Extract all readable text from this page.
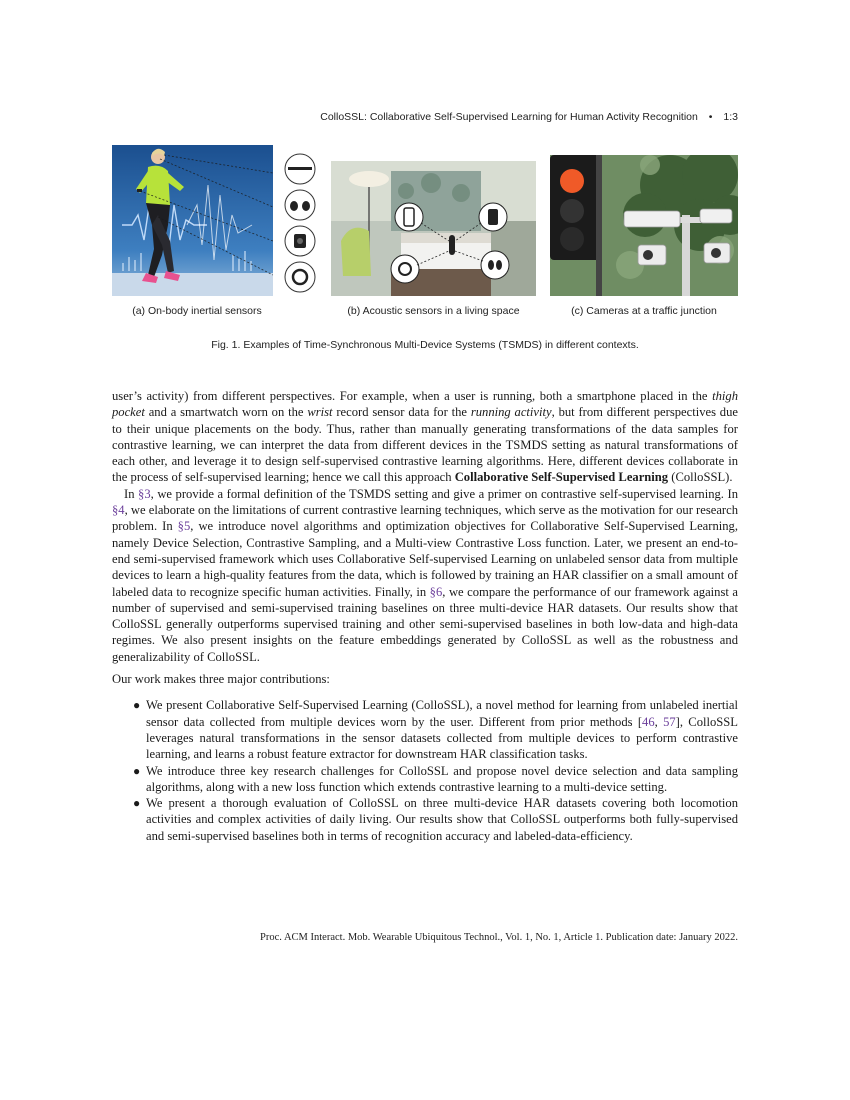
ColloSSL: Collaborative Self-Supervised Learning for Human Activity Recognition • 1:3
(a) On-body inertial sensors	(b) Acoustic sensors in a living space	(c) Cameras at a traffic junction
Fig. 1. Examples of Time-Synchronous Multi-Device Systems (TSMDS) in different contexts.

user’s activity) from different perspectives. For example, when a user is running, both a smartphone placed in the thigh pocket and a smartwatch worn on the wrist record sensor data for the running activity, but from different perspectives due to their unique placements on the body. Thus, rather than manually generating transformations of the data samples for contrastive learning, we can interpret the data from different devices in the TSMDS setting as natural transformations of each other, and leverage it to design self-supervised contrastive learning algorithms. Here, different devices collaborate in the process of self-supervised learning; hence we call this approach Collaborative Self-Supervised Learning (ColloSSL).

In §3, we provide a formal definition of the TSMDS setting and give a primer on contrastive self-supervised learning. In §4, we elaborate on the limitations of current contrastive learning techniques, which serve as the motivation for our research problem. In §5, we introduce novel algorithms and optimization objectives for Collaborative Self-Supervised Learning, namely Device Selection, Contrastive Sampling, and a Multi-view Contrastive Loss function. Later, we present an end-to-end semi-supervised framework which uses Collaborative Self-supervised Learning on unlabeled sensor data from multiple devices to learn a high-quality features from the data, which is followed by training an HAR classifier on a small amount of labeled data to recognize specific human activities. Finally, in §6, we compare the performance of our framework against a number of supervised and semi-supervised training baselines on three multi-device HAR datasets. Our results show that ColloSSL generally outperforms supervised training and other semi-supervised baselines in both low-data and high-data regimes. We also present insights on the feature embeddings generated by ColloSSL as well as the robustness and generalizability of ColloSSL.

Our work makes three major contributions:

● We present Collaborative Self-Supervised Learning (ColloSSL), a novel method for learning from unlabeled inertial sensor data collected from multiple devices worn by the user. Different from prior methods [46, 57], ColloSSL leverages natural transformations in the sensor datasets collected from multiple devices to perform contrastive learning, and learns a robust feature extractor for downstream HAR classification tasks.
● We introduce three key research challenges for ColloSSL and propose novel device selection and data sampling algorithms, along with a new loss function which extends contrastive learning to a multi-device setting.
● We present a thorough evaluation of ColloSSL on three multi-device HAR datasets covering both locomotion activities and complex activities of daily living. Our results show that ColloSSL outperforms both fully-supervised and semi-supervised baselines both in terms of recognition accuracy and labeled-data-efficiency.
Proc. ACM Interact. Mob. Wearable Ubiquitous Technol., Vol. 1, No. 1, Article 1. Publication date: January 2022.
